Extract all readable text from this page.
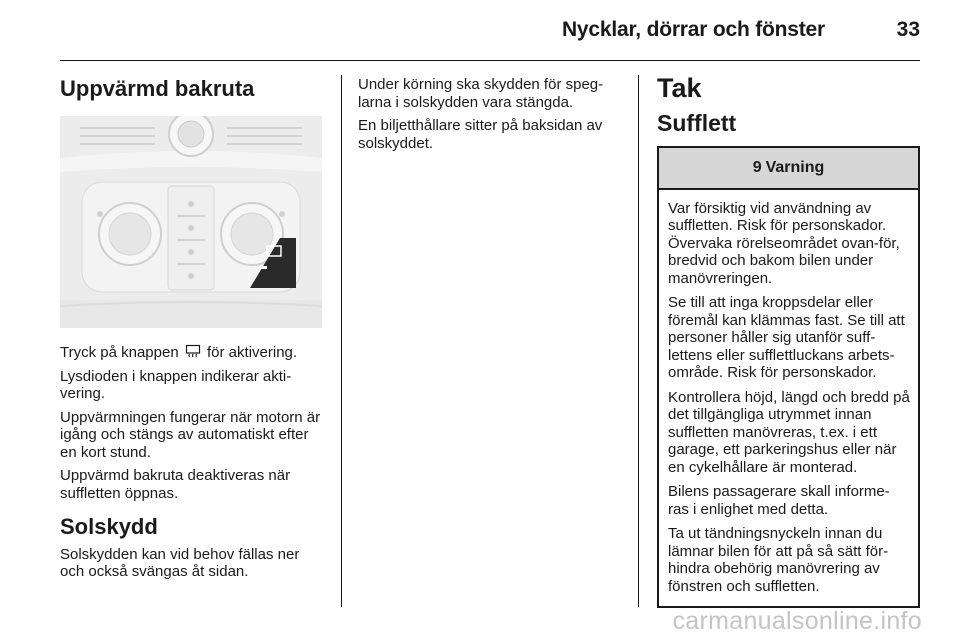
Nycklar, dörrar och fönster	33
Uppvärmd bakruta

Tryck på knappen  för aktivering.

Lysdioden i knappen indikerar akti-vering.

Uppvärmningen fungerar när motorn är igång och stängs av automatiskt efter en kort stund.

Uppvärmd bakruta deaktiveras när suffletten öppnas.

Solskydd

Solskydden kan vid behov fällas ner och också svängas åt sidan.

Under körning ska skydden för speg-larna i solskydden vara stängda.

En biljetthållare sitter på baksidan av solskyddet.

Tak
Sufflett
9 Varning

Var försiktig vid användning av suffletten. Risk för personskador. Övervaka rörelseområdet ovan-för, bredvid och bakom bilen under manövreringen.

Se till att inga kroppsdelar eller föremål kan klämmas fast. Se till att personer håller sig utanför suff-lettens eller sufflettluckans arbets-område. Risk för personskador.

Kontrollera höjd, längd och bredd på det tillgängliga utrymmet innan suffletten manövreras, t.ex. i ett garage, ett parkeringshus eller när en cykelhållare är monterad.

Bilens passagerare skall informe-ras i enlighet med detta.

Ta ut tändningsnyckeln innan du lämnar bilen för att på så sätt för-hindra obehörig manövrering av fönstren och suffletten.

carmanualsonline.info
